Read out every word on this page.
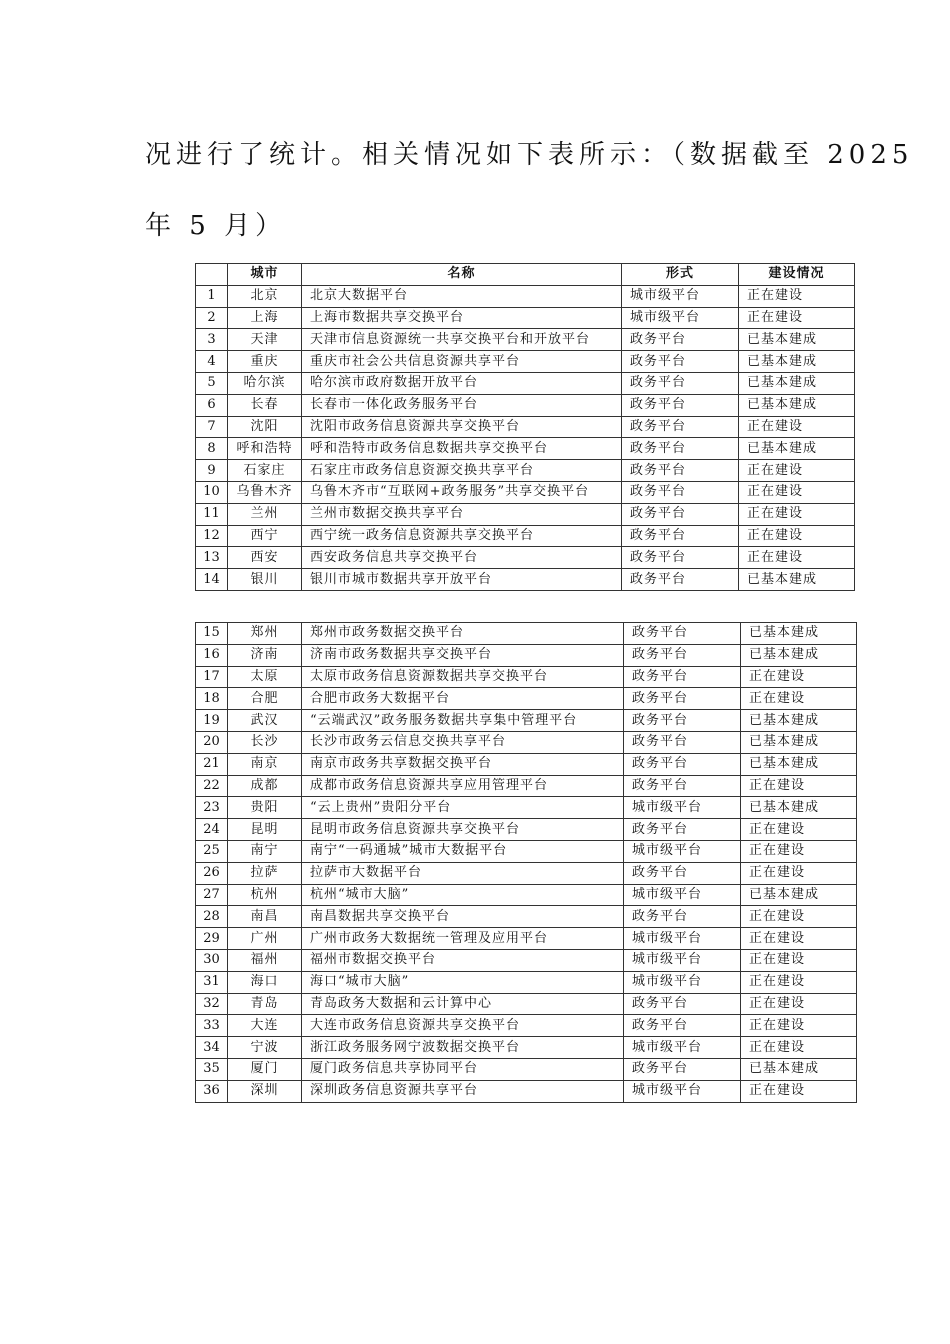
况进行了统计。相关情况如下表所示：（数据截至 2025
年 5 月）
	城市	名称	形式	建设情况
1	北京	北京大数据平台	城市级平台	正在建设
2	上海	上海市数据共享交换平台	城市级平台	正在建设
3	天津	天津市信息资源统一共享交换平台和开放平台	政务平台	已基本建成
4	重庆	重庆市社会公共信息资源共享平台	政务平台	已基本建成
5	哈尔滨	哈尔滨市政府数据开放平台	政务平台	已基本建成
6	长春	长春市一体化政务服务平台	政务平台	已基本建成
7	沈阳	沈阳市政务信息资源共享交换平台	政务平台	正在建设
8	呼和浩特	呼和浩特市政务信息数据共享交换平台	政务平台	已基本建成
9	石家庄	石家庄市政务信息资源交换共享平台	政务平台	正在建设
10	乌鲁木齐	乌鲁木齐市“互联网+政务服务”共享交换平台	政务平台	正在建设
11	兰州	兰州市数据交换共享平台	政务平台	正在建设
12	西宁	西宁统一政务信息资源共享交换平台	政务平台	正在建设
13	西安	西安政务信息共享交换平台	政务平台	正在建设
14	银川	银川市城市数据共享开放平台	政务平台	已基本建成
15	郑州	郑州市政务数据交换平台	政务平台	已基本建成
16	济南	济南市政务数据共享交换平台	政务平台	已基本建成
17	太原	太原市政务信息资源数据共享交换平台	政务平台	正在建设
18	合肥	合肥市政务大数据平台	政务平台	正在建设
19	武汉	“云端武汉”政务服务数据共享集中管理平台	政务平台	已基本建成
20	长沙	长沙市政务云信息交换共享平台	政务平台	已基本建成
21	南京	南京市政务共享数据交换平台	政务平台	已基本建成
22	成都	成都市政务信息资源共享应用管理平台	政务平台	正在建设
23	贵阳	“云上贵州”贵阳分平台	城市级平台	已基本建成
24	昆明	昆明市政务信息资源共享交换平台	政务平台	正在建设
25	南宁	南宁“一码通城”城市大数据平台	城市级平台	正在建设
26	拉萨	拉萨市大数据平台	政务平台	正在建设
27	杭州	杭州“城市大脑”	城市级平台	已基本建成
28	南昌	南昌数据共享交换平台	政务平台	正在建设
29	广州	广州市政务大数据统一管理及应用平台	城市级平台	正在建设
30	福州	福州市数据交换平台	城市级平台	正在建设
31	海口	海口“城市大脑”	城市级平台	正在建设
32	青岛	青岛政务大数据和云计算中心	政务平台	正在建设
33	大连	大连市政务信息资源共享交换平台	政务平台	正在建设
34	宁波	浙江政务服务网宁波数据交换平台	城市级平台	正在建设
35	厦门	厦门政务信息共享协同平台	政务平台	已基本建成
36	深圳	深圳政务信息资源共享平台	城市级平台	正在建设
